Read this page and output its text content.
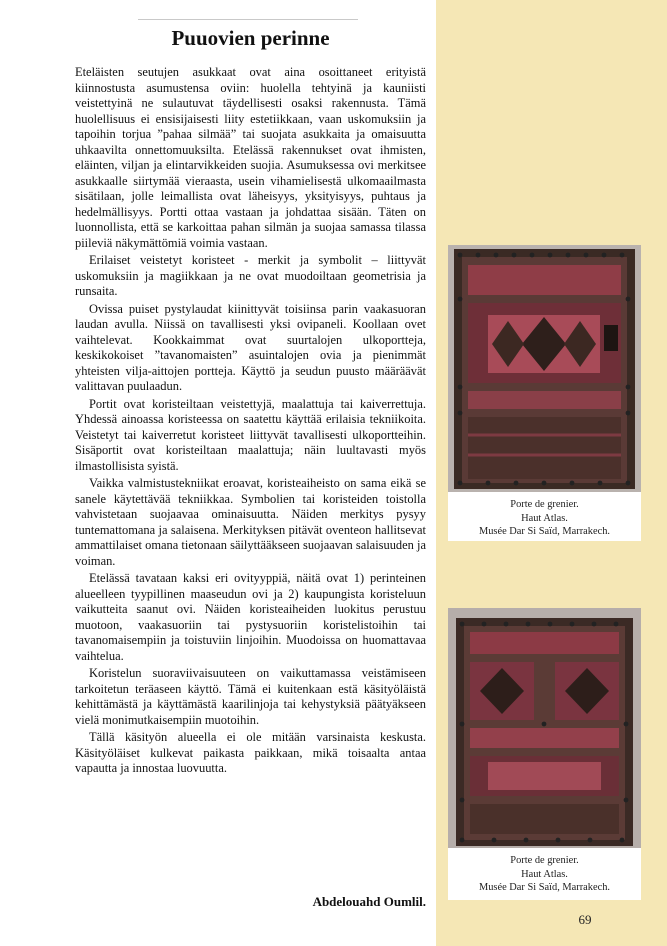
Puuovien perinne

Eteläisten seutujen asukkaat ovat aina osoittaneet erityistä kiinnostusta asumustensa oviin: huolella tehtyinä ja kauniisti veistettyinä ne sulautuvat täydellisesti osaksi rakennusta. Tämä huolellisuus ei ensisijaisesti liity estetiikkaan, vaan uskomuksiin ja tapoihin torjua ”pahaa silmää” tai suojata asukkaita ja omaisuutta uhkaavilta onnettomuuksilta. Etelässä rakennukset ovat ihmisten, eläinten, viljan ja elintarvikkeiden suojia. Asumuksessa ovi merkitsee asukkaalle siirtymää vieraasta, usein vihamielisestä ulkomaailmasta sisätilaan, jolle leimallista ovat läheisyys, yksityisyys, puhtaus ja hedelmällisyys. Portti ottaa vastaan ja johdattaa sisään. Täten on luonnollista, että se karkoittaa pahan silmän ja suojaa samassa tilassa piileviä näkymättömiä voimia vastaan.

Erilaiset veistetyt koristeet - merkit ja symbolit – liittyvät uskomuksiin ja magiikkaan ja ne ovat muodoiltaan geometrisia ja runsaita.

Ovissa puiset pystylaudat kiinittyvät toisiinsa parin vaakasuoran laudan avulla. Niissä on tavallisesti yksi ovipaneli. Koollaan ovet vaihtelevat. Kookkaimmat ovat suurtalojen ulkoportteja, keskikokoiset ”tavanomaisten” asuintalojen ovia ja pienimmät yhteisten vilja-aittojen portteja. Käyttö ja seudun puusto määräävät valittavan puulaadun.

Portit ovat koristeiltaan veistettyjä, maalattuja tai kaiverrettuja. Yhdessä ainoassa koristeessa on saatettu käyttää erilaisia tekniikoita. Veistetyt tai kaiverretut koristeet liittyvät tavallisesti ulkoportteihin. Sisäportit ovat koristeiltaan maalattuja; näin luultavasti myös ilmastollisista syistä.

Vaikka valmistustekniikat eroavat, koristeaiheisto on sama eikä se sanele käytettävää tekniikkaa. Symbolien tai koristeiden toistolla vahvistetaan suojaavaa ominaisuutta. Näiden merkitys pysyy tuntemattomana ja salaisena. Merkityksen pitävät oventeon hallitsevat ammattilaiset omana tietonaan säilyttääkseen suojaavan salaisuuden ja voiman.

Etelässä tavataan kaksi eri ovityyppiä, näitä ovat 1) perinteinen alueelleen tyypillinen maaseudun ovi ja 2) kaupungista koristeluun vaikutteita saanut ovi. Näiden koristeaiheiden luokitus perustuu muotoon, vaakasuoriin tai pystysuoriin koristelistoihin tai tavanomaisempiin ja toistuviin linjoihin. Muodoissa on huomattavaa vaihtelua.

Koristelun suoraviivaisuuteen on vaikuttamassa veistämiseen tarkoitetun teräaseen käyttö. Tämä ei kuitenkaan estä käsityöläistä kehittämästä ja käyttämästä kaarilinjoja tai kehystyksiä päätyäkseen vielä monimutkaisempiin muotoihin.

Tällä käsityön alueella ei ole mitään varsinaista keskusta. Käsityöläiset kulkevat paikasta paikkaan, mikä toisaalta antaa vapautta ja innostaa luovuutta.

Abdelouahd Oumlil.
Porte de grenier.
Haut Atlas.
Musée Dar Si Saïd, Marrakech.
Porte de grenier.
Haut Atlas.
Musée Dar Si Saïd, Marrakech.
69
